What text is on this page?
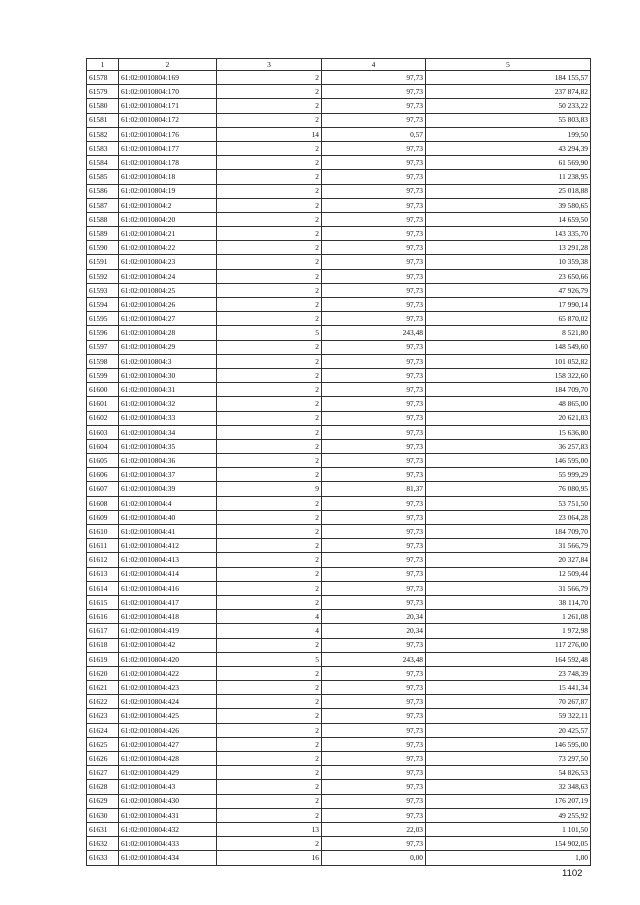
1	2	3	4	5
61578	61:02:0010804:169	2	97,73	184 155,57
61579	61:02:0010804:170	2	97,73	237 874,82
61580	61:02:0010804:171	2	97,73	50 233,22
61581	61:02:0010804:172	2	97,73	55 803,83
61582	61:02:0010804:176	14	0,57	199,50
61583	61:02:0010804:177	2	97,73	43 294,39
61584	61:02:0010804:178	2	97,73	61 569,90
61585	61:02:0010804:18	2	97,73	11 238,95
61586	61:02:0010804:19	2	97,73	25 018,88
61587	61:02:0010804:2	2	97,73	39 580,65
61588	61:02:0010804:20	2	97,73	14 659,50
61589	61:02:0010804:21	2	97,73	143 335,70
61590	61:02:0010804:22	2	97,73	13 291,28
61591	61:02:0010804:23	2	97,73	10 359,38
61592	61:02:0010804:24	2	97,73	23 650,66
61593	61:02:0010804:25	2	97,73	47 926,79
61594	61:02:0010804:26	2	97,73	17 990,14
61595	61:02:0010804:27	2	97,73	65 870,02
61596	61:02:0010804:28	5	243,48	8 521,80
61597	61:02:0010804:29	2	97,73	148 549,60
61598	61:02:0010804:3	2	97,73	101 052,82
61599	61:02:0010804:30	2	97,73	158 322,60
61600	61:02:0010804:31	2	97,73	184 709,70
61601	61:02:0010804:32	2	97,73	48 865,00
61602	61:02:0010804:33	2	97,73	20 621,03
61603	61:02:0010804:34	2	97,73	15 636,80
61604	61:02:0010804:35	2	97,73	36 257,83
61605	61:02:0010804:36	2	97,73	146 595,00
61606	61:02:0010804:37	2	97,73	55 999,29
61607	61:02:0010804:39	9	81,37	76 080,95
61608	61:02:0010804:4	2	97,73	53 751,50
61609	61:02:0010804:40	2	97,73	23 064,28
61610	61:02:0010804:41	2	97,73	184 709,70
61611	61:02:0010804:412	2	97,73	31 566,79
61612	61:02:0010804:413	2	97,73	20 327,84
61613	61:02:0010804:414	2	97,73	12 509,44
61614	61:02:0010804:416	2	97,73	31 566,79
61615	61:02:0010804:417	2	97,73	38 114,70
61616	61:02:0010804:418	4	20,34	1 261,08
61617	61:02:0010804:419	4	20,34	1 972,98
61618	61:02:0010804:42	2	97,73	117 276,00
61619	61:02:0010804:420	5	243,48	164 592,48
61620	61:02:0010804:422	2	97,73	23 748,39
61621	61:02:0010804:423	2	97,73	15 441,34
61622	61:02:0010804:424	2	97,73	70 267,87
61623	61:02:0010804:425	2	97,73	59 322,11
61624	61:02:0010804:426	2	97,73	20 425,57
61625	61:02:0010804:427	2	97,73	146 595,00
61626	61:02:0010804:428	2	97,73	73 297,50
61627	61:02:0010804:429	2	97,73	54 826,53
61628	61:02:0010804:43	2	97,73	32 348,63
61629	61:02:0010804:430	2	97,73	176 207,19
61630	61:02:0010804:431	2	97,73	49 255,92
61631	61:02:0010804:432	13	22,03	1 101,50
61632	61:02:0010804:433	2	97,73	154 902,05
61633	61:02:0010804:434	16	0,00	1,00
1102
